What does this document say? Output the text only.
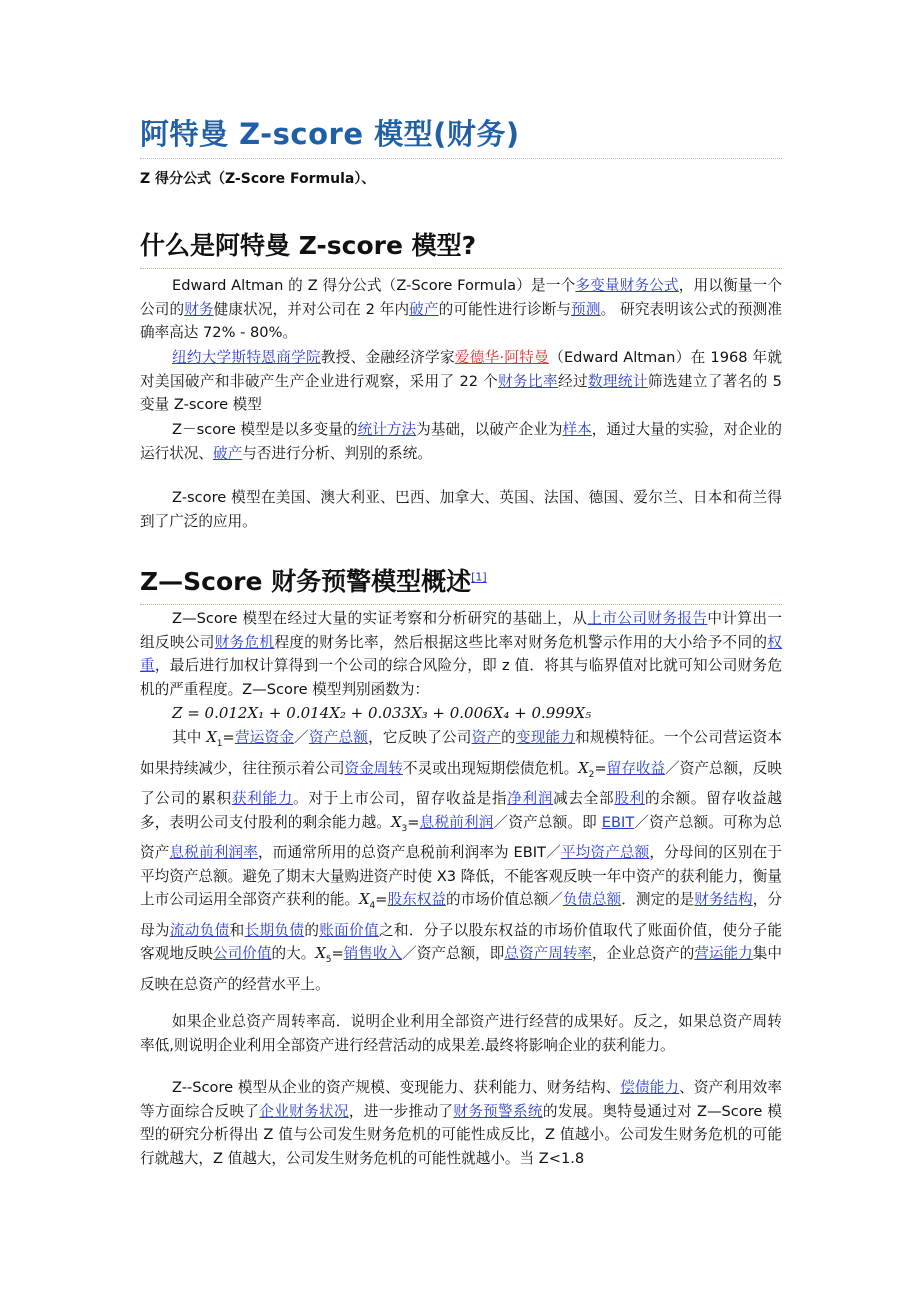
阿特曼 Z-score 模型(财务)
Z 得分公式（Z-Score Formula）、
什么是阿特曼 Z-score 模型?
Edward Altman 的 Z 得分公式（Z-Score Formula）是一个多变量财务公式，用以衡量一个公司的财务健康状况，并对公司在 2 年内破产的可能性进行诊断与预测。 研究表明该公式的预测准确率高达 72% - 80%。
纽约大学斯特恩商学院教授、金融经济学家爱德华·阿特曼（Edward Altman）在 1968 年就对美国破产和非破产生产企业进行观察，采用了 22 个财务比率经过数理统计筛选建立了著名的 5 变量 Z-score 模型
Z－score 模型是以多变量的统计方法为基础，以破产企业为样本，通过大量的实验，对企业的运行状况、破产与否进行分析、判别的系统。
Z-score 模型在美国、澳大利亚、巴西、加拿大、英国、法国、德国、爱尔兰、日本和荷兰得到了广泛的应用。
Z—Score 财务预警模型概述[1]
Z—Score 模型在经过大量的实证考察和分析研究的基础上，从上市公司财务报告中计算出一组反映公司财务危机程度的财务比率，然后根据这些比率对财务危机警示作用的大小给予不同的权重，最后进行加权计算得到一个公司的综合风险分，即 z 值．将其与临界值对比就可知公司财务危机的严重程度。Z—Score 模型判别函数为：
Z = 0.012X₁ + 0.014X₂ + 0.033X₃ + 0.006X₄ + 0.999X₅
其中 $X_1=$营运资金／资产总额，它反映了公司资产的变现能力和规模特征。一个公司营运资本如果持续减少，往往预示着公司资金周转不灵或出现短期偿债危机。$X_2=$留存收益／资产总额，反映了公司的累积获利能力。对于上市公司，留存收益是指净利润减去全部股利的余额。留存收益越多，表明公司支付股利的剩余能力越。$X_3=$息税前利润／资产总额。即 EBIT／资产总额。可称为总资产息税前利润率，而通常所用的总资产息税前利润率为 EBIT／平均资产总额，分母间的区别在于平均资产总额。避免了期末大量购进资产时使 X3 降低，不能客观反映一年中资产的获利能力，衡量上市公司运用全部资产获利的能。$X_4=$股东权益的市场价值总额／负债总额．测定的是财务结构，分母为流动负债和长期负债的账面价值之和．分子以股东权益的市场价值取代了账面价值，使分子能客观地反映公司价值的大。$X_5=$销售收入／资产总额，即总资产周转率，企业总资产的营运能力集中反映在总资产的经营水平上。
如果企业总资产周转率高．说明企业利用全部资产进行经营的成果好。反之，如果总资产周转率低,则说明企业利用全部资产进行经营活动的成果差.最终将影响企业的获利能力。
Z--Score 模型从企业的资产规模、变现能力、获利能力、财务结构、偿债能力、资产利用效率等方面综合反映了企业财务状况，进一步推动了财务预警系统的发展。奥特曼通过对 Z—Score 模型的研究分析得出 Z 值与公司发生财务危机的可能性成反比，Z 值越小。公司发生财务危机的可能行就越大，Z 值越大，公司发生财务危机的可能性就越小。当 Z<1.8
